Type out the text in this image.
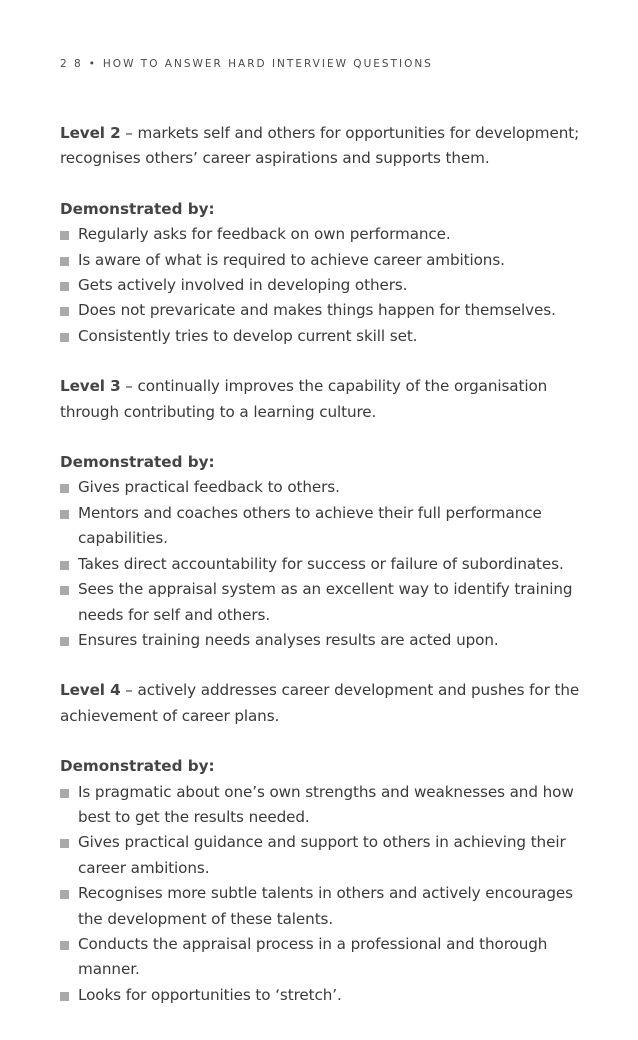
2 8 • HOW TO ANSWER HARD INTERVIEW QUESTIONS

Level 2 – markets self and others for opportunities for development; recognises others’ career aspirations and supports them.

Demonstrated by:

Regularly asks for feedback on own performance.
Is aware of what is required to achieve career ambitions.
Gets actively involved in developing others.
Does not prevaricate and makes things happen for themselves.
Consistently tries to develop current skill set.

Level 3 – continually improves the capability of the organisation through contributing to a learning culture.

Demonstrated by:

Gives practical feedback to others.
Mentors and coaches others to achieve their full performance capabilities.
Takes direct accountability for success or failure of subordinates.
Sees the appraisal system as an excellent way to identify training needs for self and others.
Ensures training needs analyses results are acted upon.

Level 4 – actively addresses career development and pushes for the achievement of career plans.

Demonstrated by:

Is pragmatic about one’s own strengths and weaknesses and how best to get the results needed.
Gives practical guidance and support to others in achieving their career ambitions.
Recognises more subtle talents in others and actively encourages the development of these talents.
Conducts the appraisal process in a professional and thorough manner.
Looks for opportunities to ‘stretch’.
